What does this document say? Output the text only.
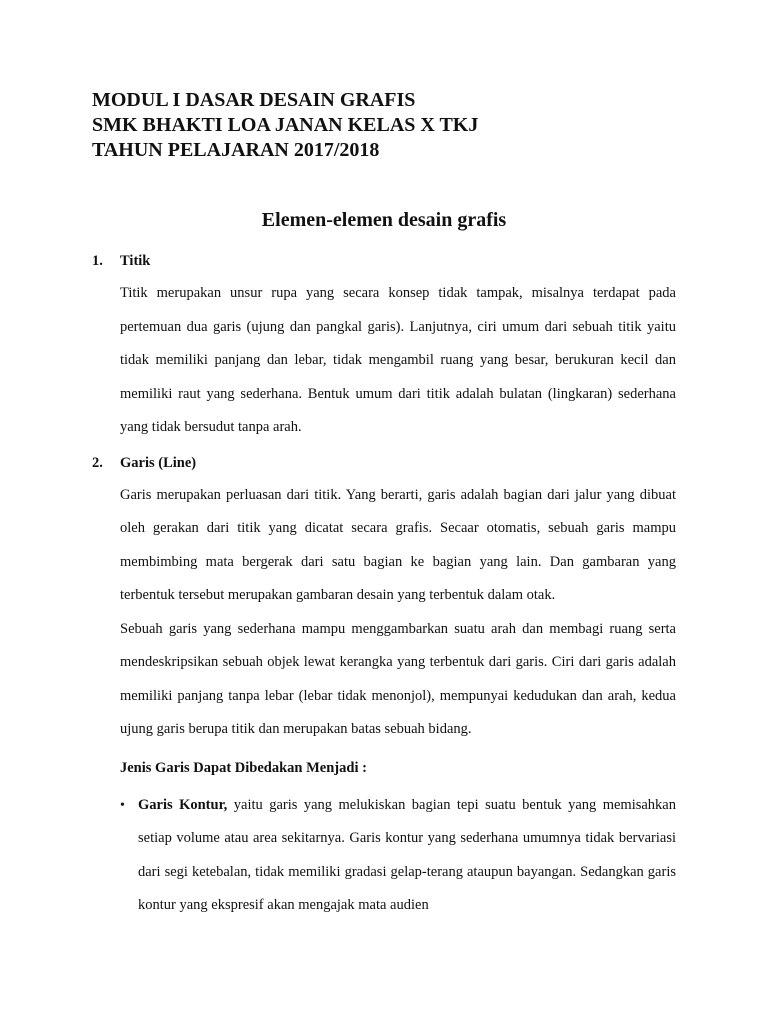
MODUL I DASAR DESAIN GRAFIS
SMK BHAKTI LOA JANAN KELAS X TKJ
TAHUN PELAJARAN 2017/2018
Elemen-elemen desain grafis
1.	Titik

Titik merupakan unsur rupa yang secara konsep tidak tampak, misalnya terdapat pada pertemuan dua garis (ujung dan pangkal garis). Lanjutnya, ciri umum dari sebuah titik yaitu tidak memiliki panjang dan lebar, tidak mengambil ruang yang besar, berukuran kecil dan memiliki raut yang sederhana. Bentuk umum dari titik adalah bulatan (lingkaran) sederhana yang tidak bersudut tanpa arah.

2.	Garis (Line)

Garis merupakan perluasan dari titik. Yang berarti, garis adalah bagian dari jalur yang dibuat oleh gerakan dari titik yang dicatat secara grafis. Secaar otomatis, sebuah garis mampu membimbing mata bergerak dari satu bagian ke bagian yang lain. Dan gambaran yang terbentuk tersebut merupakan gambaran desain yang terbentuk dalam otak.

Sebuah garis yang sederhana mampu menggambarkan suatu arah dan membagi ruang serta mendeskripsikan sebuah objek lewat kerangka yang terbentuk dari garis. Ciri dari garis adalah memiliki panjang tanpa lebar (lebar tidak menonjol), mempunyai kedudukan dan arah, kedua ujung garis berupa titik dan merupakan batas sebuah bidang.

Jenis Garis Dapat Dibedakan Menjadi :
• Garis Kontur, yaitu garis yang melukiskan bagian tepi suatu bentuk yang memisahkan setiap volume atau area sekitarnya. Garis kontur yang sederhana umumnya tidak bervariasi dari segi ketebalan, tidak memiliki gradasi gelap-terang ataupun bayangan. Sedangkan garis kontur yang ekspresif akan mengajak mata audien
